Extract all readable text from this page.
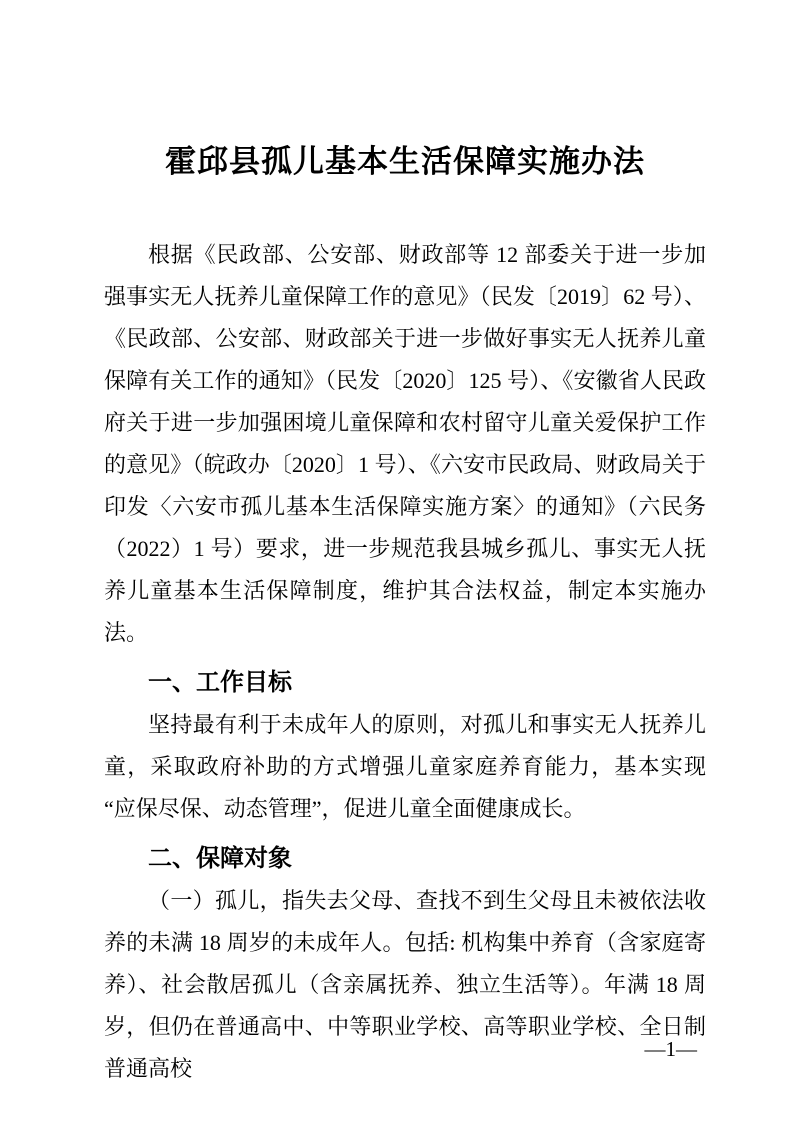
霍邱县孤儿基本生活保障实施办法

根据《民政部、公安部、财政部等 12 部委关于进一步加强事实无人抚养儿童保障工作的意见》（民发〔2019〕62 号）、《民政部、公安部、财政部关于进一步做好事实无人抚养儿童保障有关工作的通知》（民发〔2020〕125 号）、《安徽省人民政府关于进一步加强困境儿童保障和农村留守儿童关爱保护工作的意见》（皖政办〔2020〕1 号）、《六安市民政局、财政局关于印发〈六安市孤儿基本生活保障实施方案〉的通知》（六民务（2022）1 号）要求，进一步规范我县城乡孤儿、事实无人抚养儿童基本生活保障制度，维护其合法权益，制定本实施办法。

一、工作目标

坚持最有利于未成年人的原则，对孤儿和事实无人抚养儿童，采取政府补助的方式增强儿童家庭养育能力，基本实现“应保尽保、动态管理”，促进儿童全面健康成长。

二、保障对象

（一）孤儿，指失去父母、查找不到生父母且未被依法收养的未满 18 周岁的未成年人。包括: 机构集中养育（含家庭寄养）、社会散居孤儿（含亲属抚养、独立生活等）。年满 18 周岁，但仍在普通高中、中等职业学校、高等职业学校、全日制普通高校

—1—
